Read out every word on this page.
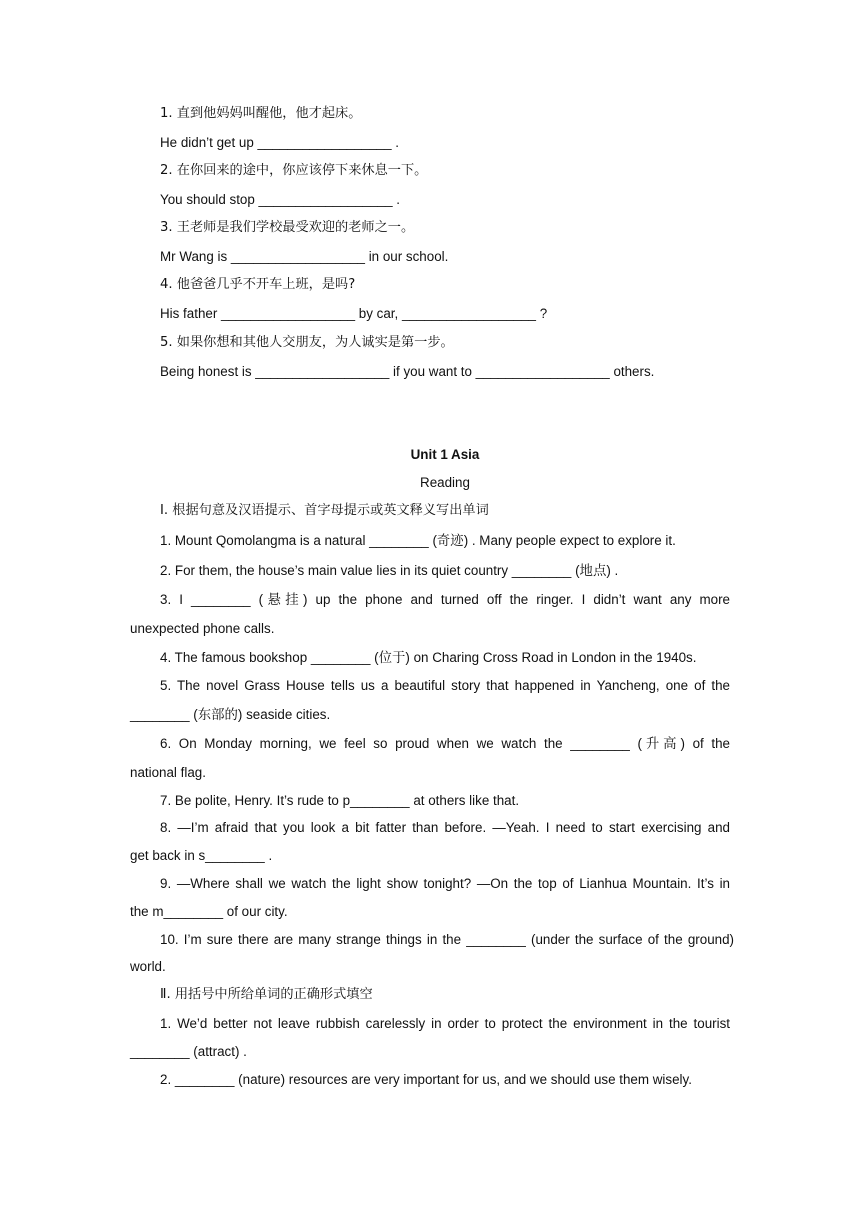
1. 直到他妈妈叫醒他，他才起床。
He didn’t get up __________________ .
2. 在你回来的途中，你应该停下来休息一下。
You should stop __________________ .
3. 王老师是我们学校最受欢迎的老师之一。
Mr Wang is __________________ in our school.
4. 他爸爸几乎不开车上班，是吗?
His father __________________ by car, __________________ ?
5. 如果你想和其他人交朋友，为人诚实是第一步。
Being honest is __________________ if you want to __________________ others.
Unit 1 Asia
Reading
Ⅰ. 根据句意及汉语提示、首字母提示或英文释义写出单词
1. Mount Qomolangma is a natural ________ (奇迹) . Many people expect to explore it.
2. For them, the house’s main value lies in its quiet country ________ (地点) .
3. I ________ (悬挂) up the phone and turned off the ringer. I didn’t want any more
unexpected phone calls.
4. The famous bookshop ________ (位于) on Charing Cross Road in London in the 1940s.
5. The novel Grass House tells us a beautiful story that happened in Yancheng, one of the
________ (东部的) seaside cities.
6. On Monday morning, we feel so proud when we watch the ________ (升高) of the
national flag.
7. Be polite, Henry. It’s rude to p________ at others like that.
8. —I’m afraid that you look a bit fatter than before. —Yeah. I need to start exercising and
get back in s________ .
9. —Where shall we watch the light show tonight? —On the top of Lianhua Mountain. It’s in
the m________ of our city.
10. I’m sure there are many strange things in the ________ (under the surface of the ground)
world.
Ⅱ. 用括号中所给单词的正确形式填空
1. We’d better not leave rubbish carelessly in order to protect the environment in the tourist
________ (attract) .
2. ________ (nature) resources are very important for us, and we should use them wisely.
